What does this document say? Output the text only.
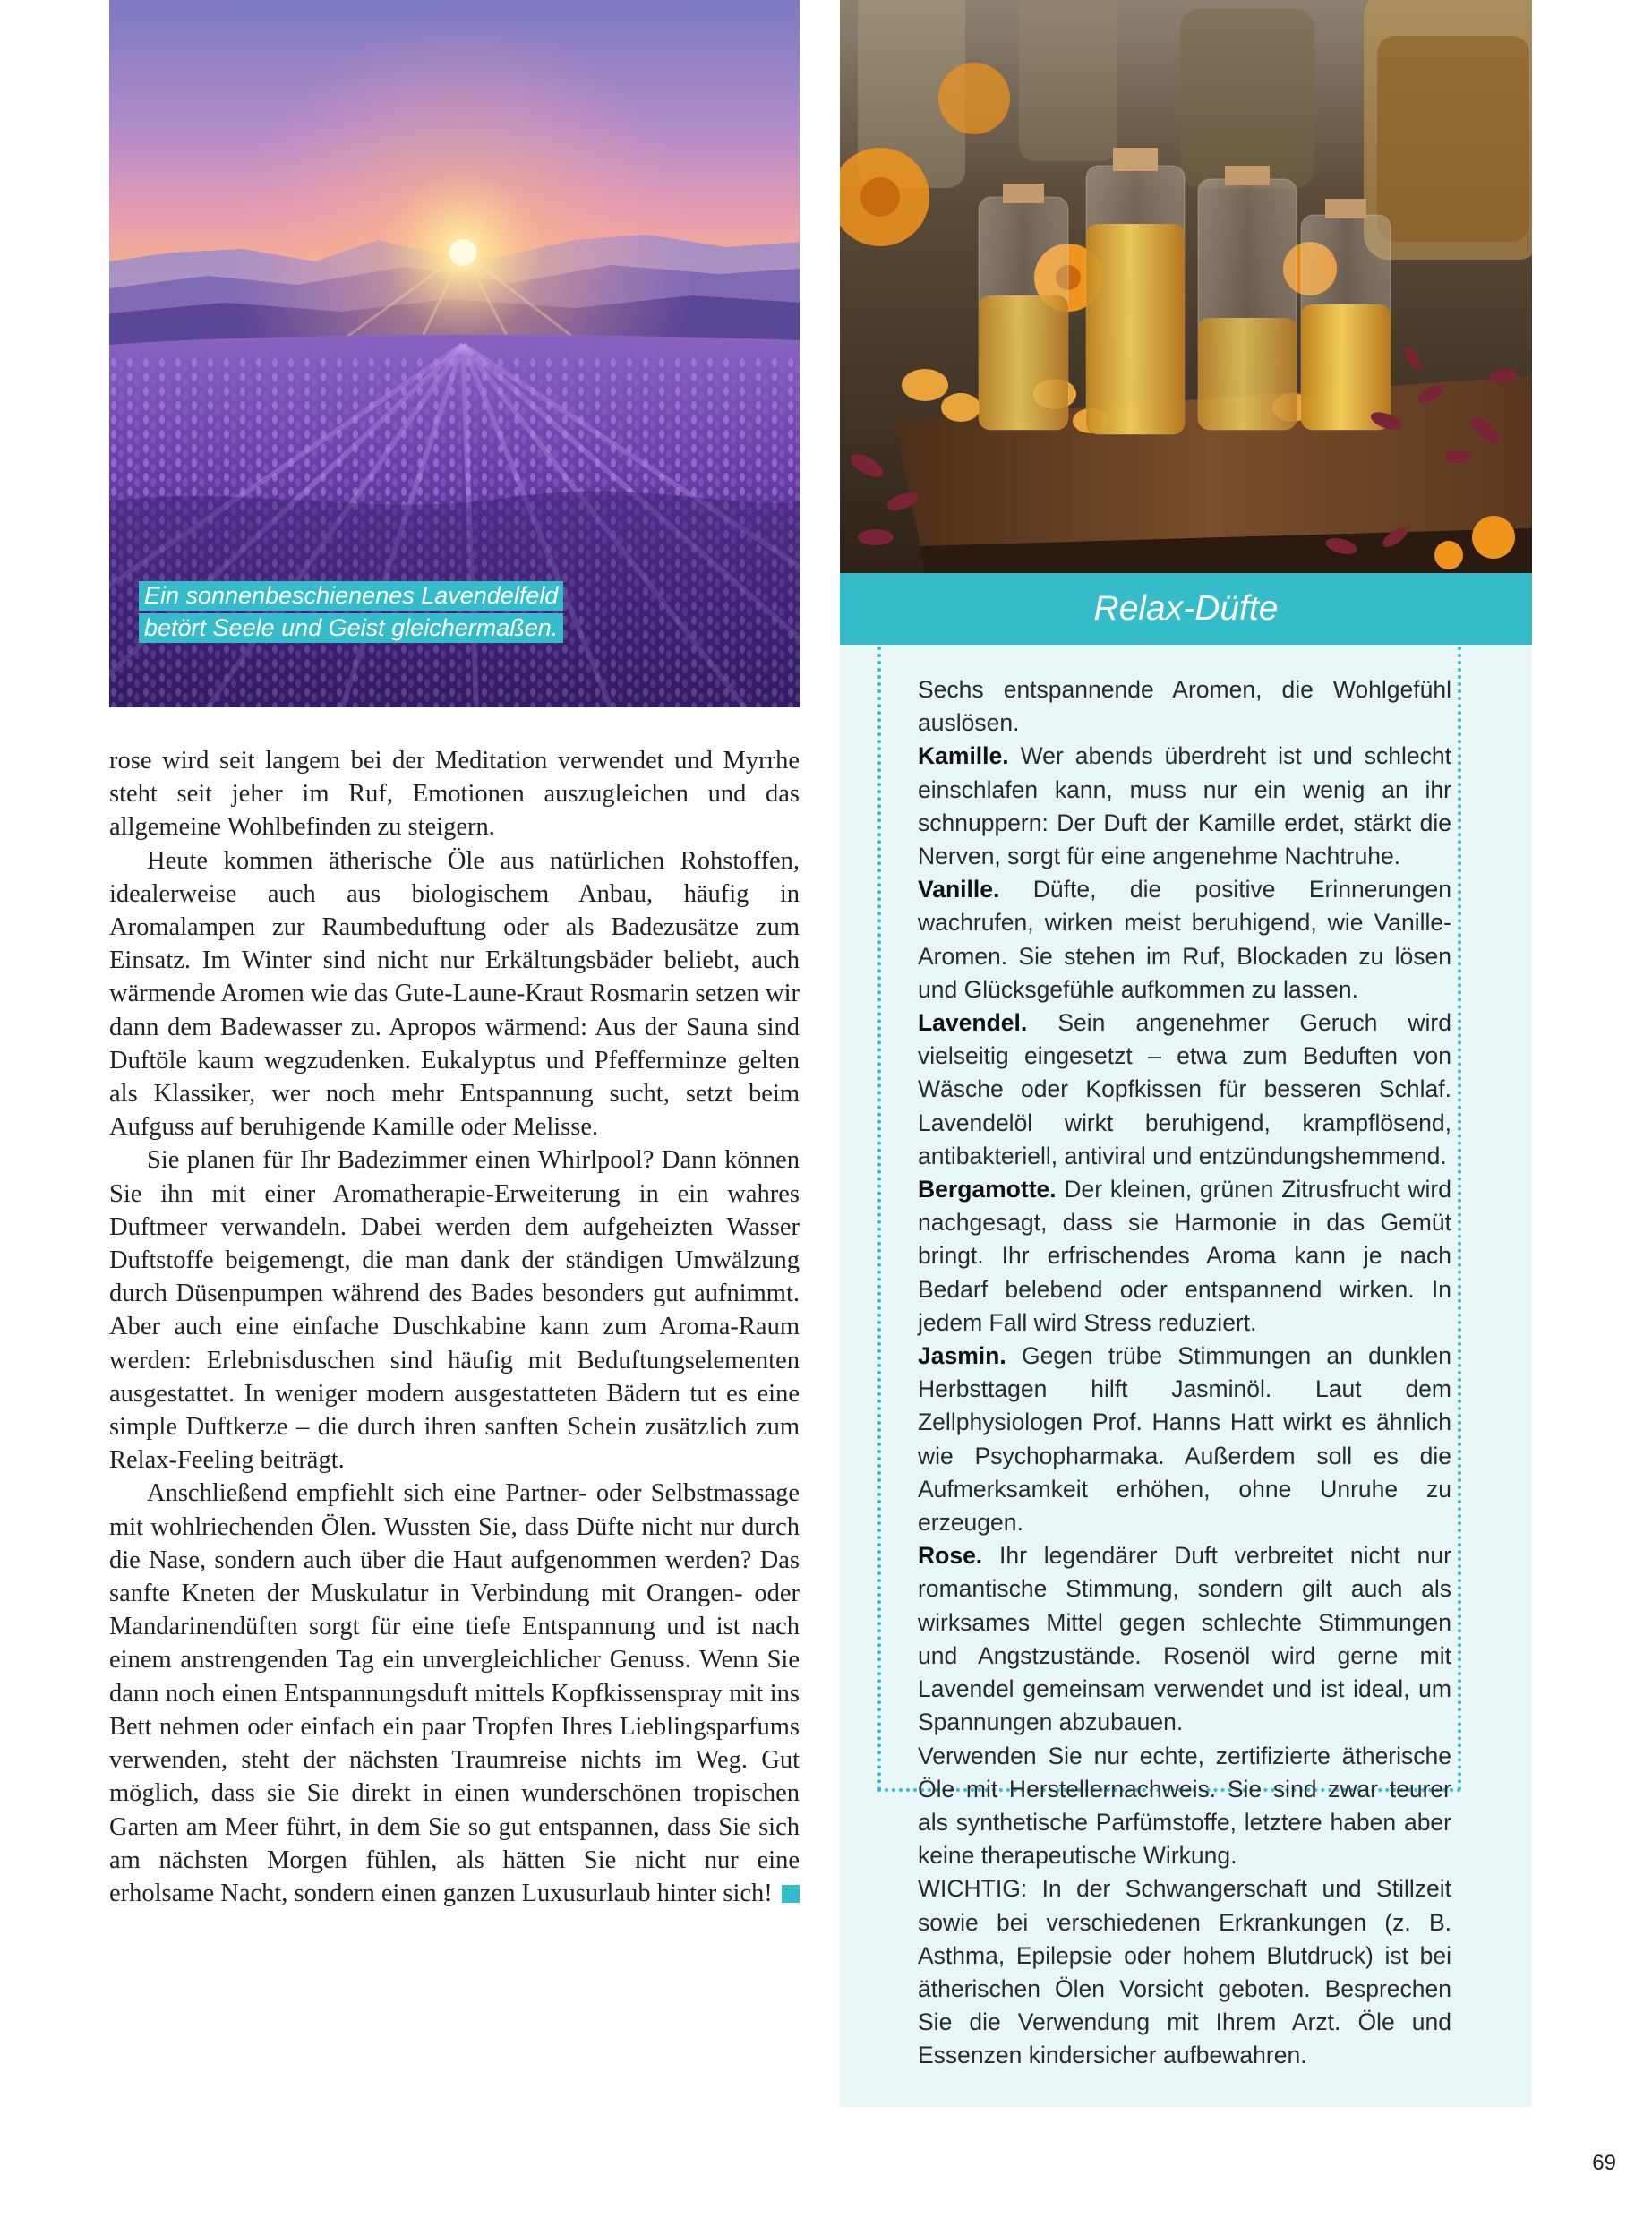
Ein sonnenbeschienenes Lavendelfeld
betört Seele und Geist gleichermaßen.

rose wird seit langem bei der Meditation verwendet und Myrrhe steht seit jeher im Ruf, Emotionen auszugleichen und das allgemeine Wohlbefinden zu steigern.

Heute kommen ätherische Öle aus natürlichen Rohstoffen, idealerweise auch aus biologischem Anbau, häufig in Aromalampen zur Raumbeduftung oder als Badezusätze zum Einsatz. Im Winter sind nicht nur Erkältungsbäder beliebt, auch wärmende Aromen wie das Gute-Laune-Kraut Rosmarin setzen wir dann dem Badewasser zu. Apropos wärmend: Aus der Sauna sind Duftöle kaum wegzudenken. Eukalyptus und Pfefferminze gelten als Klassiker, wer noch mehr Entspannung sucht, setzt beim Aufguss auf beruhigende Kamille oder Melisse.

Sie planen für Ihr Badezimmer einen Whirlpool? Dann können Sie ihn mit einer Aromatherapie-Erweiterung in ein wahres Duftmeer verwandeln. Dabei werden dem aufgeheizten Wasser Duftstoffe beigemengt, die man dank der ständigen Umwälzung durch Düsenpumpen während des Bades besonders gut aufnimmt. Aber auch eine einfache Duschkabine kann zum Aroma-Raum werden: Erlebnisduschen sind häufig mit Beduftungselementen ausgestattet. In weniger modern ausgestatteten Bädern tut es eine simple Duftkerze – die durch ihren sanften Schein zusätzlich zum Relax-Feeling beiträgt.

Anschließend empfiehlt sich eine Partner- oder Selbstmassage mit wohlriechenden Ölen. Wussten Sie, dass Düfte nicht nur durch die Nase, sondern auch über die Haut aufgenommen werden? Das sanfte Kneten der Muskulatur in Verbindung mit Orangen- oder Mandarinendüften sorgt für eine tiefe Entspannung und ist nach einem anstrengenden Tag ein unvergleichlicher Genuss. Wenn Sie dann noch einen Entspannungsduft mittels Kopfkissenspray mit ins Bett nehmen oder einfach ein paar Tropfen Ihres Lieblingsparfums verwenden, steht der nächsten Traumreise nichts im Weg. Gut möglich, dass sie Sie direkt in einen wunderschönen tropischen Garten am Meer führt, in dem Sie so gut entspannen, dass Sie sich am nächsten Morgen fühlen, als hätten Sie nicht nur eine erholsame Nacht, sondern einen ganzen Luxusurlaub hinter sich!

Relax-Düfte

Sechs entspannende Aromen, die Wohlgefühl auslösen.

Kamille. Wer abends überdreht ist und schlecht einschlafen kann, muss nur ein wenig an ihr schnuppern: Der Duft der Kamille erdet, stärkt die Nerven, sorgt für eine angenehme Nachtruhe.

Vanille. Düfte, die positive Erinnerungen wachrufen, wirken meist beruhigend, wie Vanille-Aromen. Sie stehen im Ruf, Blockaden zu lösen und Glücksgefühle aufkommen zu lassen.

Lavendel. Sein angenehmer Geruch wird vielseitig eingesetzt – etwa zum Beduften von Wäsche oder Kopfkissen für besseren Schlaf. Lavendelöl wirkt beruhigend, krampflösend, antibakteriell, antiviral und entzündungshemmend.

Bergamotte. Der kleinen, grünen Zitrusfrucht wird nachgesagt, dass sie Harmonie in das Gemüt bringt. Ihr erfrischendes Aroma kann je nach Bedarf belebend oder entspannend wirken. In jedem Fall wird Stress reduziert.

Jasmin. Gegen trübe Stimmungen an dunklen Herbsttagen hilft Jasminöl. Laut dem Zellphysiologen Prof. Hanns Hatt wirkt es ähnlich wie Psychopharmaka. Außerdem soll es die Aufmerksamkeit erhöhen, ohne Unruhe zu erzeugen.

Rose. Ihr legendärer Duft verbreitet nicht nur romantische Stimmung, sondern gilt auch als wirksames Mittel gegen schlechte Stimmungen und Angstzustände. Rosenöl wird gerne mit Lavendel gemeinsam verwendet und ist ideal, um Spannungen abzubauen.

Verwenden Sie nur echte, zertifizierte ätherische Öle mit Herstellernachweis. Sie sind zwar teurer als synthetische Parfümstoffe, letztere haben aber keine therapeutische Wirkung.

WICHTIG: In der Schwangerschaft und Stillzeit sowie bei verschiedenen Erkrankungen (z. B. Asthma, Epilepsie oder hohem Blutdruck) ist bei ätherischen Ölen Vorsicht geboten. Besprechen Sie die Verwendung mit Ihrem Arzt. Öle und Essenzen kindersicher aufbewahren.

69
